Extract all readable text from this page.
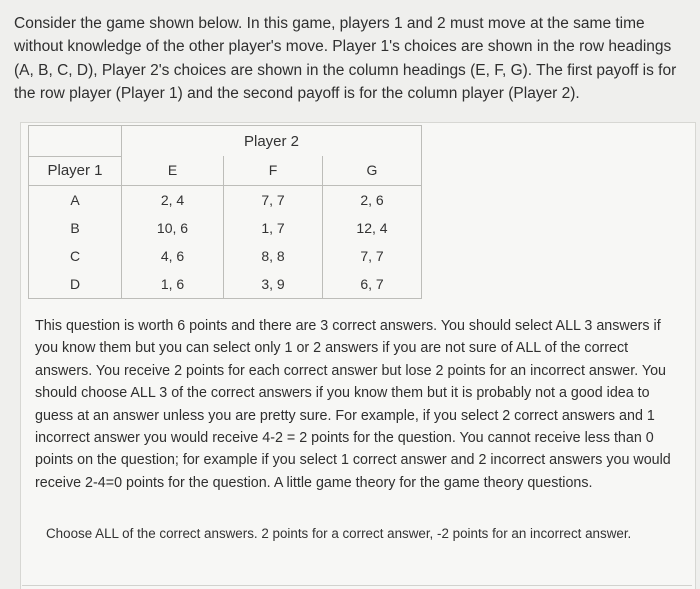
Consider the game shown below. In this game, players 1 and 2 must move at the same time without knowledge of the other player's move. Player 1's choices are shown in the row headings (A, B, C, D), Player 2's choices are shown in the column headings (E, F, G). The first payoff is for the row player (Player 1) and the second payoff is for the column player (Player 2).

	Player 2		
Player 1	E	F	G
A	2, 4	7, 7	2, 6
B	10, 6	1, 7	12, 4
C	4, 6	8, 8	7, 7
D	1, 6	3, 9	6, 7

This question is worth 6 points and there are 3 correct answers. You should select ALL 3 answers if you know them but you can select only 1 or 2 answers if you are not sure of ALL of the correct answers. You receive 2 points for each correct answer but lose 2 points for an incorrect answer. You should choose ALL 3 of the correct answers if you know them but it is probably not a good idea to guess at an answer unless you are pretty sure. For example, if you select 2 correct answers and 1 incorrect answer you would receive 4-2 = 2 points for the question. You cannot receive less than 0 points on the question; for example if you select 1 correct answer and 2 incorrect answers you would receive 2-4=0 points for the question. A little game theory for the game theory questions.

Choose ALL of the correct answers. 2 points for a correct answer, -2 points for an incorrect answer.
